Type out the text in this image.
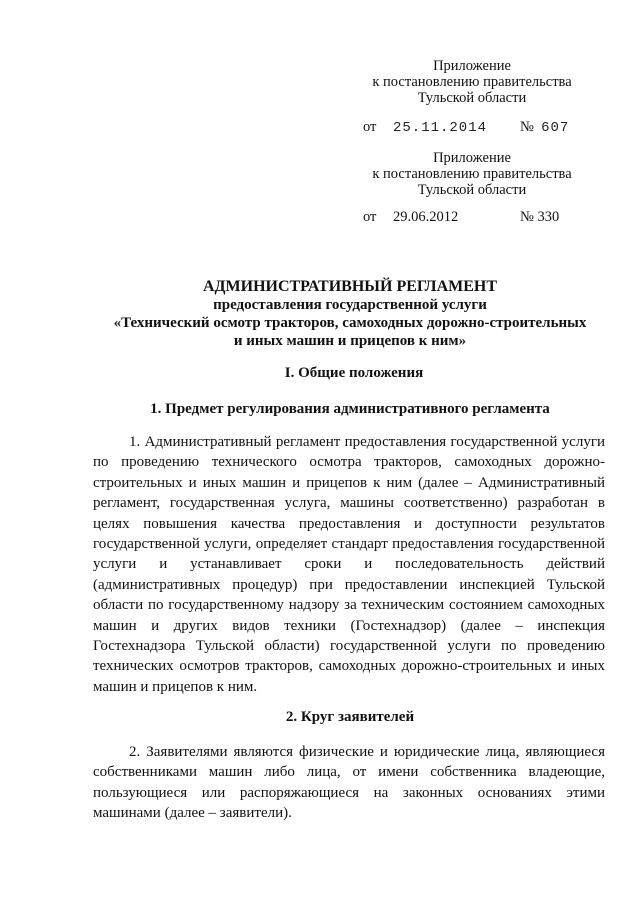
Приложение
к постановлению правительства
Тульской области
от 25.11.2014 № 607
Приложение
к постановлению правительства
Тульской области
от 29.06.2012	№ 330
АДМИНИСТРАТИВНЫЙ РЕГЛАМЕНТ
предоставления государственной услуги
«Технический осмотр тракторов, самоходных дорожно-строительных
и иных машин и прицепов к ним»
I. Общие положения
1. Предмет регулирования административного регламента
1. Административный регламент предоставления государственной услуги по проведению технического осмотра тракторов, самоходных дорожно-строительных и иных машин и прицепов к ним (далее – Административный регламент, государственная услуга, машины соответственно) разработан в целях повышения качества предоставления и доступности результатов государственной услуги, определяет стандарт предоставления государственной услуги и устанавливает сроки и последовательность действий (административных процедур) при предоставлении инспекцией Тульской области по государственному надзору за техническим состоянием самоходных машин и других видов техники (Гостехнадзор) (далее – инспекция Гостехнадзора Тульской области) государственной услуги по проведению технических осмотров тракторов, самоходных дорожно-строительных и иных машин и прицепов к ним.
2. Круг заявителей
2. Заявителями являются физические и юридические лица, являющиеся собственниками машин либо лица, от имени собственника владеющие, пользующиеся или распоряжающиеся на законных основаниях этими машинами (далее – заявители).
